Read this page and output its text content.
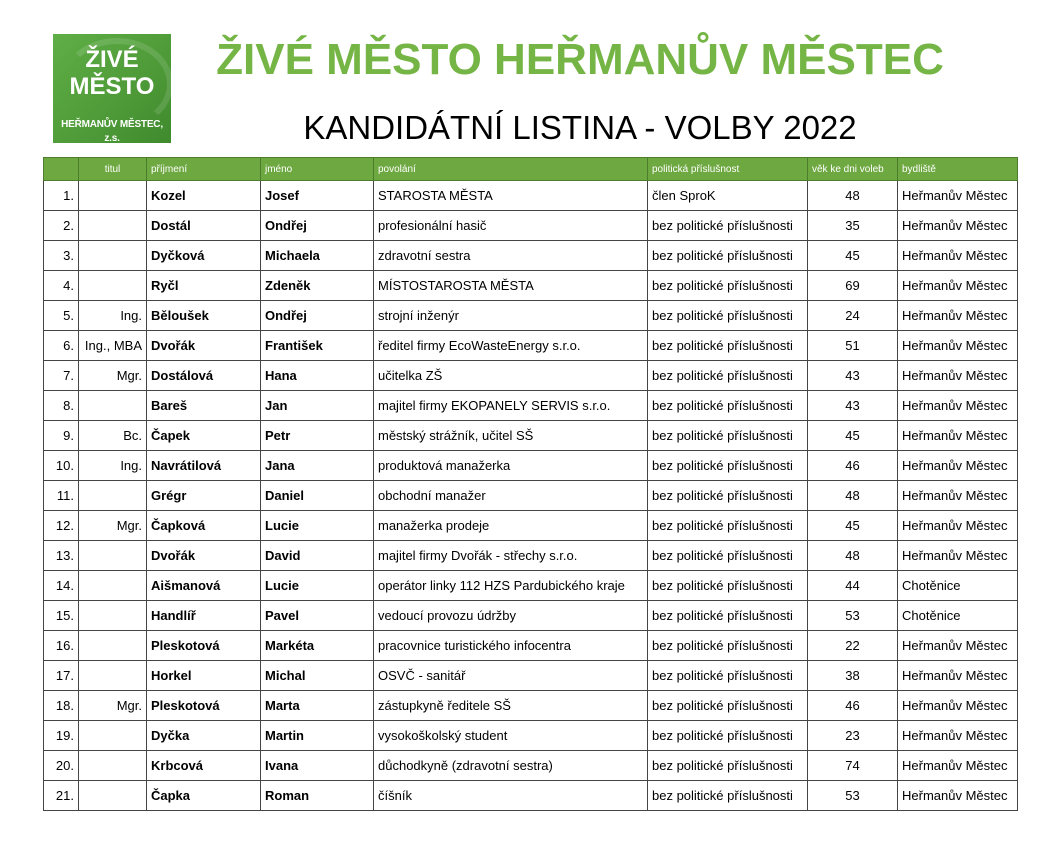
ŽIVÉ
MĚSTO
HEŘMANŮV MĚSTEC, z.s.
ŽIVÉ MĚSTO HEŘMANŮV MĚSTEC
KANDIDÁTNÍ LISTINA - VOLBY 2022
	titul	příjmení	jméno	povolání	politická příslušnost	věk ke dni voleb	bydliště
1.		Kozel	Josef	STAROSTA MĚSTA	člen SproK	48	Heřmanův Městec
2.		Dostál	Ondřej	profesionální hasič	bez politické příslušnosti	35	Heřmanův Městec
3.		Dyčková	Michaela	zdravotní sestra	bez politické příslušnosti	45	Heřmanův Městec
4.		Ryčl	Zdeněk	MÍSTOSTAROSTA MĚSTA	bez politické příslušnosti	69	Heřmanův Městec
5.	Ing.	Běloušek	Ondřej	strojní inženýr	bez politické příslušnosti	24	Heřmanův Městec
6.	Ing., MBA	Dvořák	František	ředitel firmy EcoWasteEnergy s.r.o.	bez politické příslušnosti	51	Heřmanův Městec
7.	Mgr.	Dostálová	Hana	učitelka ZŠ	bez politické příslušnosti	43	Heřmanův Městec
8.		Bareš	Jan	majitel firmy EKOPANELY SERVIS s.r.o.	bez politické příslušnosti	43	Heřmanův Městec
9.	Bc.	Čapek	Petr	městský strážník, učitel SŠ	bez politické příslušnosti	45	Heřmanův Městec
10.	Ing.	Navrátilová	Jana	produktová manažerka	bez politické příslušnosti	46	Heřmanův Městec
11.		Grégr	Daniel	obchodní manažer	bez politické příslušnosti	48	Heřmanův Městec
12.	Mgr.	Čapková	Lucie	manažerka prodeje	bez politické příslušnosti	45	Heřmanův Městec
13.		Dvořák	David	majitel firmy Dvořák - střechy s.r.o.	bez politické příslušnosti	48	Heřmanův Městec
14.		Aišmanová	Lucie	operátor linky 112 HZS Pardubického kraje	bez politické příslušnosti	44	Chotěnice
15.		Handlíř	Pavel	vedoucí provozu údržby	bez politické příslušnosti	53	Chotěnice
16.		Pleskotová	Markéta	pracovnice turistického infocentra	bez politické příslušnosti	22	Heřmanův Městec
17.		Horkel	Michal	OSVČ - sanitář	bez politické příslušnosti	38	Heřmanův Městec
18.	Mgr.	Pleskotová	Marta	zástupkyně ředitele SŠ	bez politické příslušnosti	46	Heřmanův Městec
19.		Dyčka	Martin	vysokoškolský student	bez politické příslušnosti	23	Heřmanův Městec
20.		Krbcová	Ivana	důchodkyně (zdravotní sestra)	bez politické příslušnosti	74	Heřmanův Městec
21.		Čapka	Roman	číšník	bez politické příslušnosti	53	Heřmanův Městec
